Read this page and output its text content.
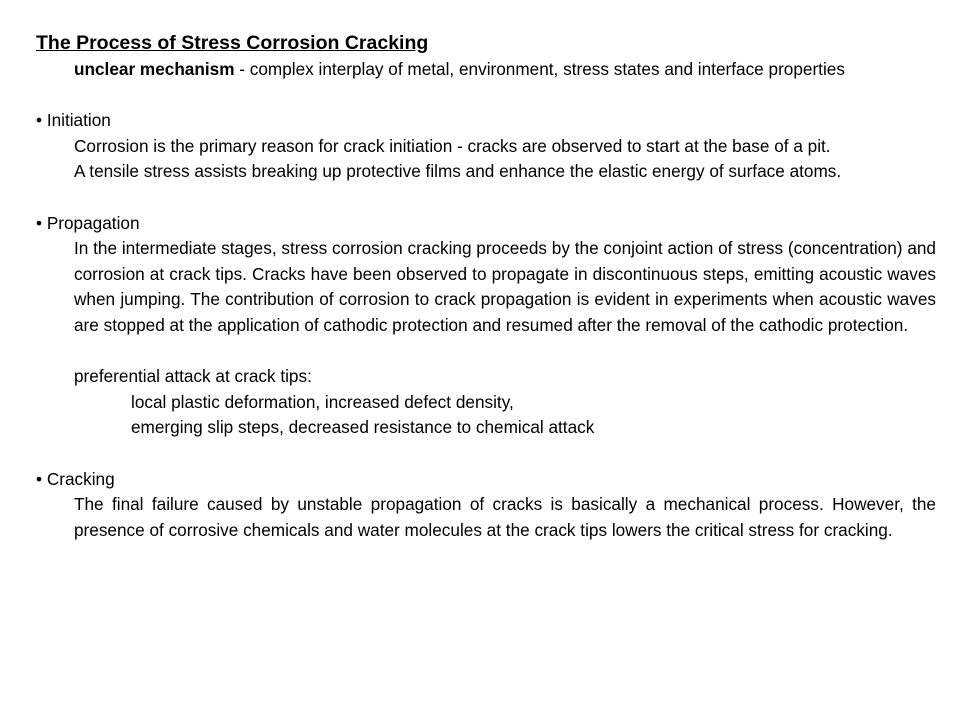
The Process of Stress Corrosion Cracking

unclear mechanism - complex interplay of metal, environment, stress states and interface properties

• Initiation

Corrosion is the primary reason for crack initiation - cracks are observed to start at the base of a pit.

A tensile stress assists breaking up protective films and enhance the elastic energy of surface atoms.

• Propagation

In the intermediate stages, stress corrosion cracking proceeds by the conjoint action of stress (concentration) and corrosion at crack tips. Cracks have been observed to propagate in discontinuous steps, emitting acoustic waves when jumping. The contribution of corrosion to crack propagation is evident in experiments when acoustic waves are stopped at the application of cathodic protection and resumed after the removal of the cathodic protection.

preferential attack at crack tips:

local plastic deformation, increased defect density,

emerging slip steps, decreased resistance to chemical attack

• Cracking

The final failure caused by unstable propagation of cracks is basically a mechanical process. However, the presence of corrosive chemicals and water molecules at the crack tips lowers the critical stress for cracking.
